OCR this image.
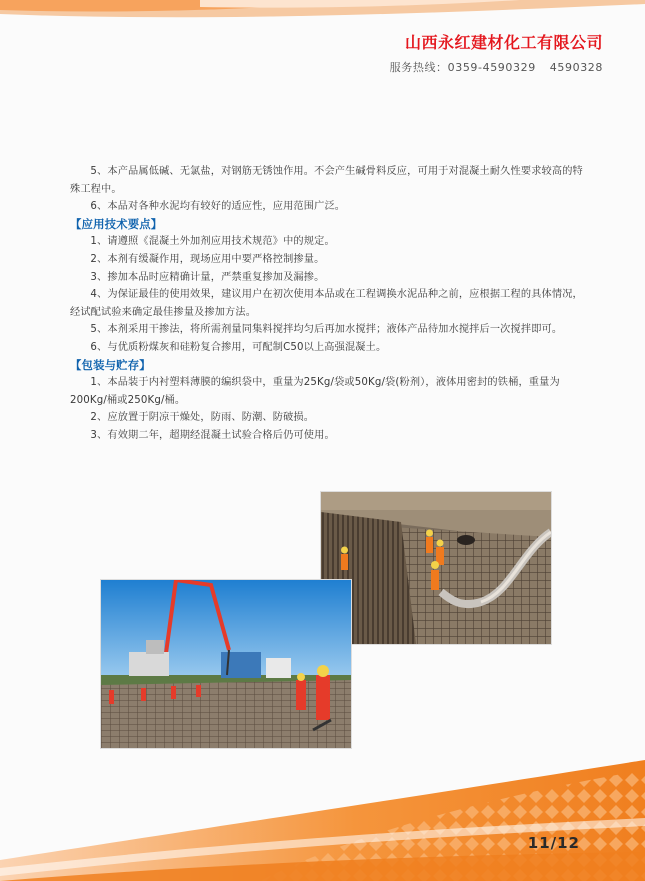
山西永红建材化工有限公司
服务热线：0359-4590329 4590328

5、本产品属低碱、无氯盐，对钢筋无锈蚀作用。不会产生碱骨料反应，可用于对混凝土耐久性要求较高的特殊工程中。

6、本品对各种水泥均有较好的适应性，应用范围广泛。

【应用技术要点】

1、请遵照《混凝土外加剂应用技术规范》中的规定。

2、本剂有缓凝作用，现场应用中要严格控制掺量。

3、掺加本品时应精确计量，严禁重复掺加及漏掺。

4、为保证最佳的使用效果，建议用户在初次使用本品或在工程调换水泥品种之前，应根据工程的具体情况，经试配试验来确定最佳掺量及掺加方法。

5、本剂采用干掺法，将所需剂量同集料搅拌均匀后再加水搅拌；液体产品待加水搅拌后一次搅拌即可。

6、与优质粉煤灰和硅粉复合掺用，可配制C50以上高强混凝土。

【包装与贮存】

1、本品装于内衬塑料薄膜的编织袋中，重量为25Kg/袋或50Kg/袋(粉剂），液体用密封的铁桶，重量为200Kg/桶或250Kg/桶。

2、应放置于阴凉干燥处，防雨、防潮、防破损。

3、有效期二年，超期经混凝土试验合格后仍可使用。

11/12
